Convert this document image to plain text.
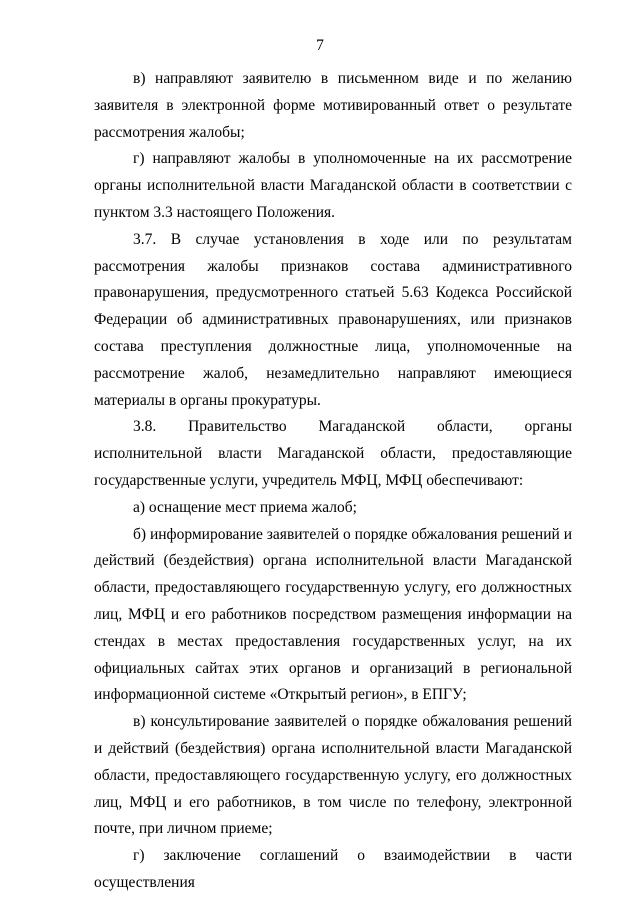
7

в) направляют заявителю в письменном виде и по желанию заявителя в электронной форме мотивированный ответ о результате рассмотрения жалобы;

г) направляют жалобы в уполномоченные на их рассмотрение органы исполнительной власти Магаданской области в соответствии с пунктом 3.3 настоящего Положения.

3.7. В случае установления в ходе или по результатам рассмотрения жалобы признаков состава административного правонарушения, предусмотренного статьей 5.63 Кодекса Российской Федерации об административных правонарушениях, или признаков состава преступления должностные лица, уполномоченные на рассмотрение жалоб, незамедлительно направляют имеющиеся материалы в органы прокуратуры.

3.8. Правительство Магаданской области, органы исполнительной власти Магаданской области, предоставляющие государственные услуги, учредитель МФЦ, МФЦ обеспечивают:

а) оснащение мест приема жалоб;

б) информирование заявителей о порядке обжалования решений и действий (бездействия) органа исполнительной власти Магаданской области, предоставляющего государственную услугу, его должностных лиц, МФЦ и его работников посредством размещения информации на стендах в местах предоставления государственных услуг, на их официальных сайтах этих органов и организаций в региональной информационной системе «Открытый регион», в ЕПГУ;

в) консультирование заявителей о порядке обжалования решений и действий (бездействия) органа исполнительной власти Магаданской области, предоставляющего государственную услугу, его должностных лиц, МФЦ и его работников, в том числе по телефону, электронной почте, при личном приеме;

г) заключение соглашений о взаимодействии в части осуществления
